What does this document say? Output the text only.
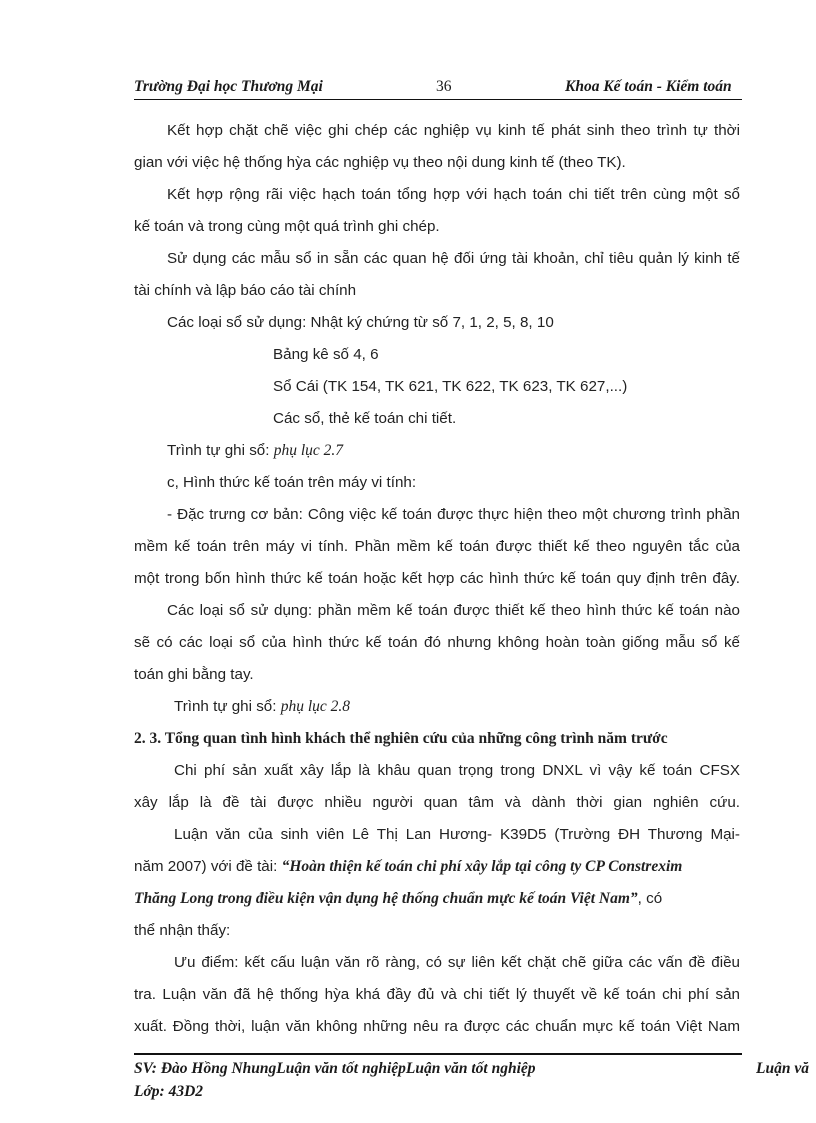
Trường Đại học Thương Mại	36	Khoa Kế toán - Kiểm toán
Kết hợp chặt chẽ việc ghi chép các nghiệp vụ kinh tế phát sinh theo trình tự thời
gian với việc hệ thống hỳa các nghiệp vụ theo nội dung kinh tế (theo TK).
Kết hợp rộng rãi việc hạch toán tổng hợp với hạch toán chi tiết trên cùng một sổ
kế toán và trong cùng một quá trình ghi chép.
Sử dụng các mẫu sổ in sẵn các quan hệ đối ứng tài khoản, chỉ tiêu quản lý kinh tế
tài chính và lập báo cáo tài chính
Các loại sổ sử dụng: Nhật ký chứng từ số 7, 1, 2, 5, 8, 10
Bảng kê số 4, 6
Sổ Cái (TK 154, TK 621, TK 622, TK 623, TK 627,...)
Các sổ, thẻ kế toán chi tiết.
Trình tự ghi sổ: phụ lục 2.7
c, Hình thức kế toán trên máy vi tính:
- Đặc trưng cơ bản: Công việc kế toán được thực hiện theo một chương trình phần
mềm kế toán trên máy vi tính. Phần mềm kế toán được thiết kế theo nguyên tắc của
một trong bốn hình thức kế toán hoặc kết hợp các hình thức kế toán quy định trên đây.
Các loại sổ sử dụng: phần mềm kế toán được thiết kế theo hình thức kế toán nào
sẽ có các loại sổ của hình thức kế toán đó nhưng không hoàn toàn giống mẫu sổ kế
toán ghi bằng tay.
Trình tự ghi sổ: phụ lục 2.8
2. 3. Tổng quan tình hình khách thể nghiên cứu của những công trình năm trước
Chi phí sản xuất xây lắp là khâu quan trọng trong DNXL vì vậy kế toán CFSX
xây lắp là đề tài được nhiều người quan tâm và dành thời gian nghiên cứu.
Luận văn của sinh viên Lê Thị Lan Hương- K39D5 (Trường ĐH Thương Mại-
năm 2007) với đề tài: “Hoàn thiện kế toán chi phí xây lắp tại công ty CP Constrexim
Thăng Long trong điều kiện vận dụng hệ thống chuẩn mực kế toán Việt Nam”, có
thể nhận thấy:
Ưu điểm: kết cấu luận văn rõ ràng, có sự liên kết chặt chẽ giữa các vấn đề điều
tra. Luận văn đã hệ thống hỳa khá đầy đủ và chi tiết lý thuyết về kế toán chi phí sản
xuất. Đồng thời, luận văn không những nêu ra được các chuẩn mực kế toán Việt Nam
SV: Đào Hồng NhungLuận văn tốt nghiệpLuận văn tốt nghiệp	Luận vă
Lớp: 43D2
